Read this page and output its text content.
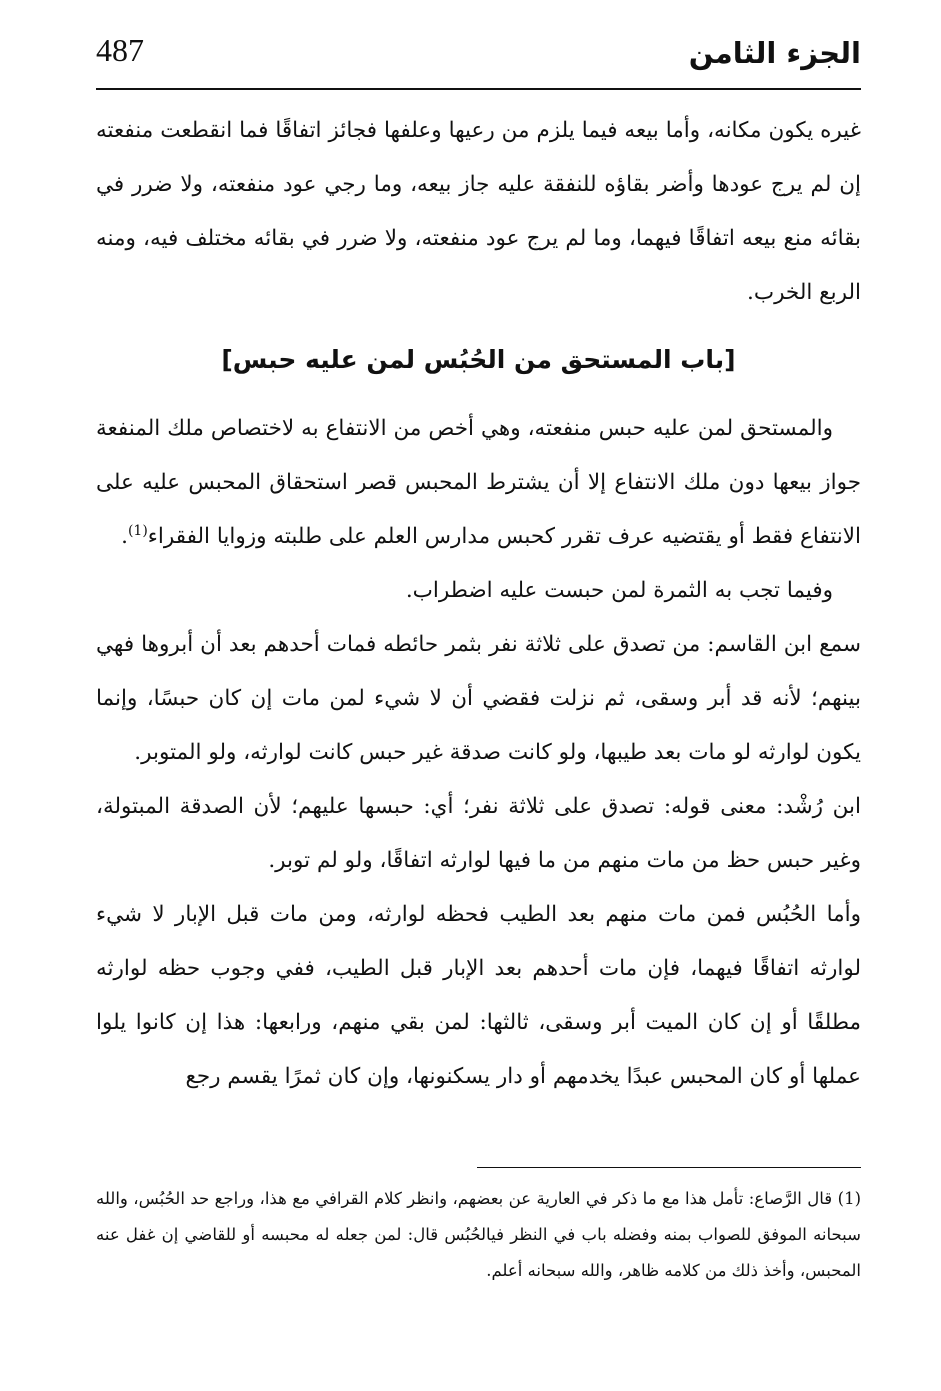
الجزء الثامن
487

غيره يكون مكانه، وأما بيعه فيما يلزم من رعيها وعلفها فجائز اتفاقًا فما انقطعت منفعته إن لم يرج عودها وأضر بقاؤه للنفقة عليه جاز بيعه، وما رجي عود منفعته، ولا ضرر في بقائه منع بيعه اتفاقًا فيهما، وما لم يرج عود منفعته، ولا ضرر في بقائه مختلف فيه، ومنه الربع الخرب.

[باب المستحق من الحُبُس لمن عليه حبس]

والمستحق لمن عليه حبس منفعته، وهي أخص من الانتفاع به لاختصاص ملك المنفعة جواز بيعها دون ملك الانتفاع إلا أن يشترط المحبس قصر استحقاق المحبس عليه على الانتفاع فقط أو يقتضيه عرف تقرر كحبس مدارس العلم على طلبته وزوايا الفقراء$^{(1)}$.

وفيما تجب به الثمرة لمن حبست عليه اضطراب.

سمع ابن القاسم: من تصدق على ثلاثة نفر بثمر حائطه فمات أحدهم بعد أن أبروها فهي بينهم؛ لأنه قد أبر وسقى، ثم نزلت فقضي أن لا شيء لمن مات إن كان حبسًا، وإنما يكون لوارثه لو مات بعد طيبها، ولو كانت صدقة غير حبس كانت لوارثه، ولو المتوبر.

ابن رُشْد: معنى قوله: تصدق على ثلاثة نفر؛ أي: حبسها عليهم؛ لأن الصدقة المبتولة، وغير حبس حظ من مات منهم من ما فيها لوارثه اتفاقًا، ولو لم توبر.

وأما الحُبُس فمن مات منهم بعد الطيب فحظه لوارثه، ومن مات قبل الإبار لا شيء لوارثه اتفاقًا فيهما، فإن مات أحدهم بعد الإبار قبل الطيب، ففي وجوب حظه لوارثه مطلقًا أو إن كان الميت أبر وسقى، ثالثها: لمن بقي منهم، ورابعها: هذا إن كانوا يلوا عملها أو كان المحبس عبدًا يخدمهم أو دار يسكنونها، وإن كان ثمرًا يقسم رجع

(1) قال الرَّصاع: تأمل هذا مع ما ذكر في العارية عن بعضهم، وانظر كلام القرافي مع هذا، وراجع حد الحُبُس، والله سبحانه الموفق للصواب بمنه وفضله باب في النظر فيالحُبُس قال: لمن جعله له محبسه أو للقاضي إن غفل عنه المحبس، وأخذ ذلك من كلامه ظاهر، والله سبحانه أعلم.
